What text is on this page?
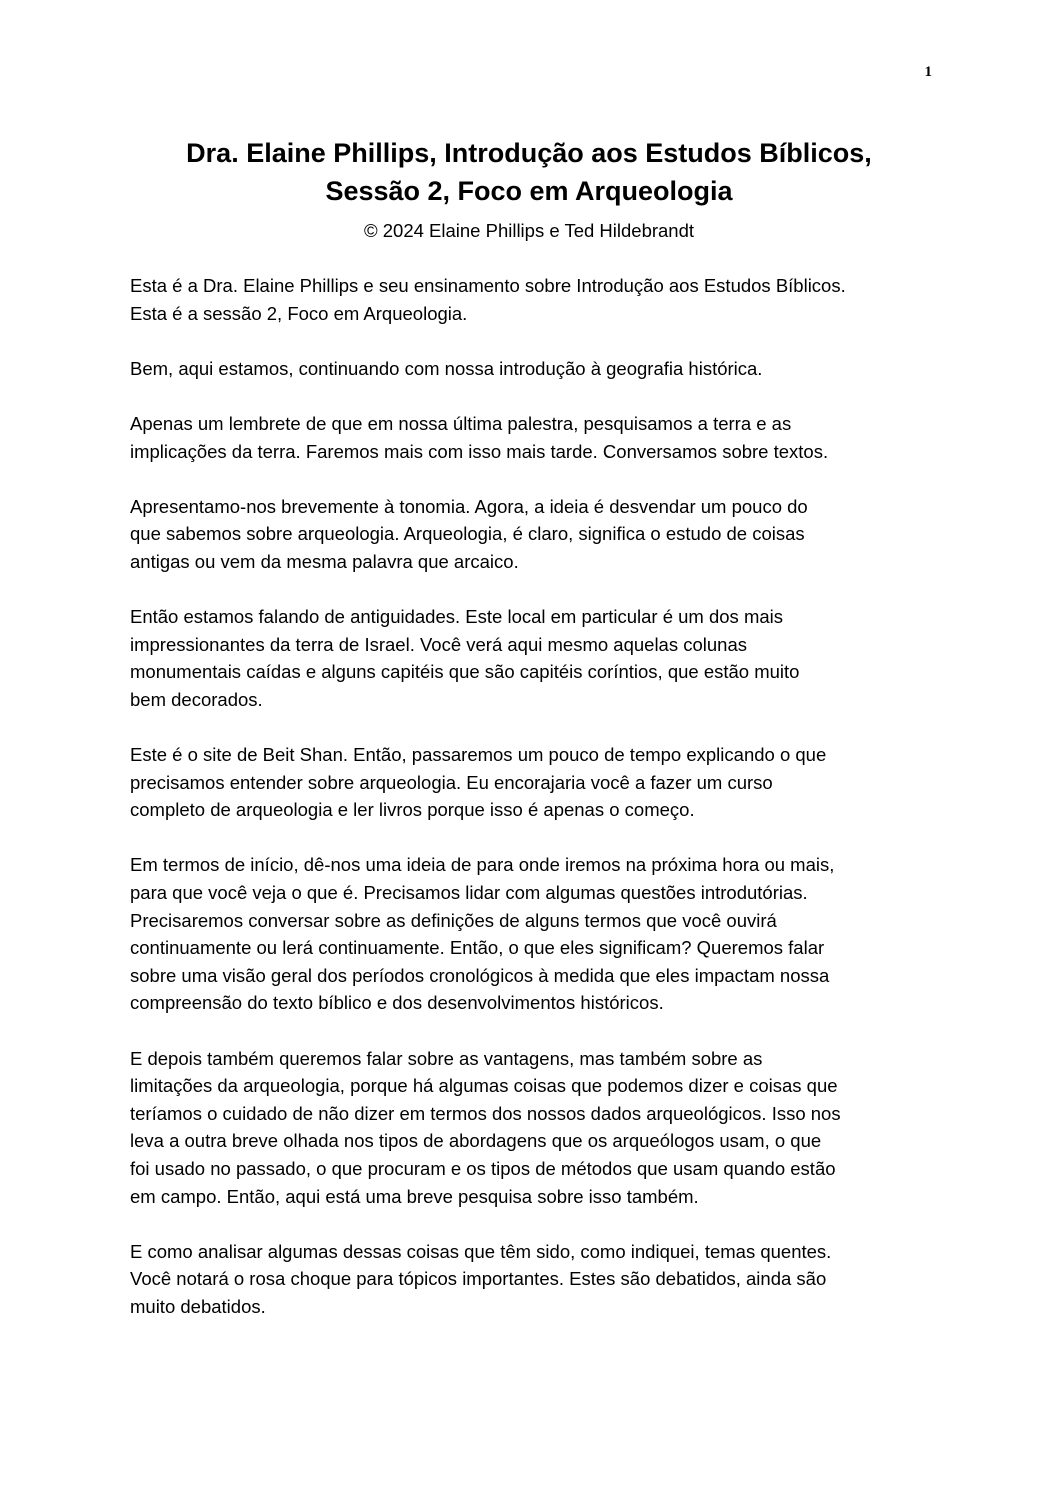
1
Dra. Elaine Phillips, Introdução aos Estudos Bíblicos,
Sessão 2, Foco em Arqueologia
© 2024 Elaine Phillips e Ted Hildebrandt

Esta é a Dra. Elaine Phillips e seu ensinamento sobre Introdução aos Estudos Bíblicos.
Esta é a sessão 2, Foco em Arqueologia.

Bem, aqui estamos, continuando com nossa introdução à geografia histórica.

Apenas um lembrete de que em nossa última palestra, pesquisamos a terra e as
implicações da terra. Faremos mais com isso mais tarde. Conversamos sobre textos.

Apresentamo-nos brevemente à tonomia. Agora, a ideia é desvendar um pouco do
que sabemos sobre arqueologia. Arqueologia, é claro, significa o estudo de coisas
antigas ou vem da mesma palavra que arcaico.

Então estamos falando de antiguidades. Este local em particular é um dos mais
impressionantes da terra de Israel. Você verá aqui mesmo aquelas colunas
monumentais caídas e alguns capitéis que são capitéis coríntios, que estão muito
bem decorados.

Este é o site de Beit Shan. Então, passaremos um pouco de tempo explicando o que
precisamos entender sobre arqueologia. Eu encorajaria você a fazer um curso
completo de arqueologia e ler livros porque isso é apenas o começo.

Em termos de início, dê-nos uma ideia de para onde iremos na próxima hora ou mais,
para que você veja o que é. Precisamos lidar com algumas questões introdutórias.
Precisaremos conversar sobre as definições de alguns termos que você ouvirá
continuamente ou lerá continuamente. Então, o que eles significam? Queremos falar
sobre uma visão geral dos períodos cronológicos à medida que eles impactam nossa
compreensão do texto bíblico e dos desenvolvimentos históricos.

E depois também queremos falar sobre as vantagens, mas também sobre as
limitações da arqueologia, porque há algumas coisas que podemos dizer e coisas que
teríamos o cuidado de não dizer em termos dos nossos dados arqueológicos. Isso nos
leva a outra breve olhada nos tipos de abordagens que os arqueólogos usam, o que
foi usado no passado, o que procuram e os tipos de métodos que usam quando estão
em campo. Então, aqui está uma breve pesquisa sobre isso também.

E como analisar algumas dessas coisas que têm sido, como indiquei, temas quentes.
Você notará o rosa choque para tópicos importantes. Estes são debatidos, ainda são
muito debatidos.
